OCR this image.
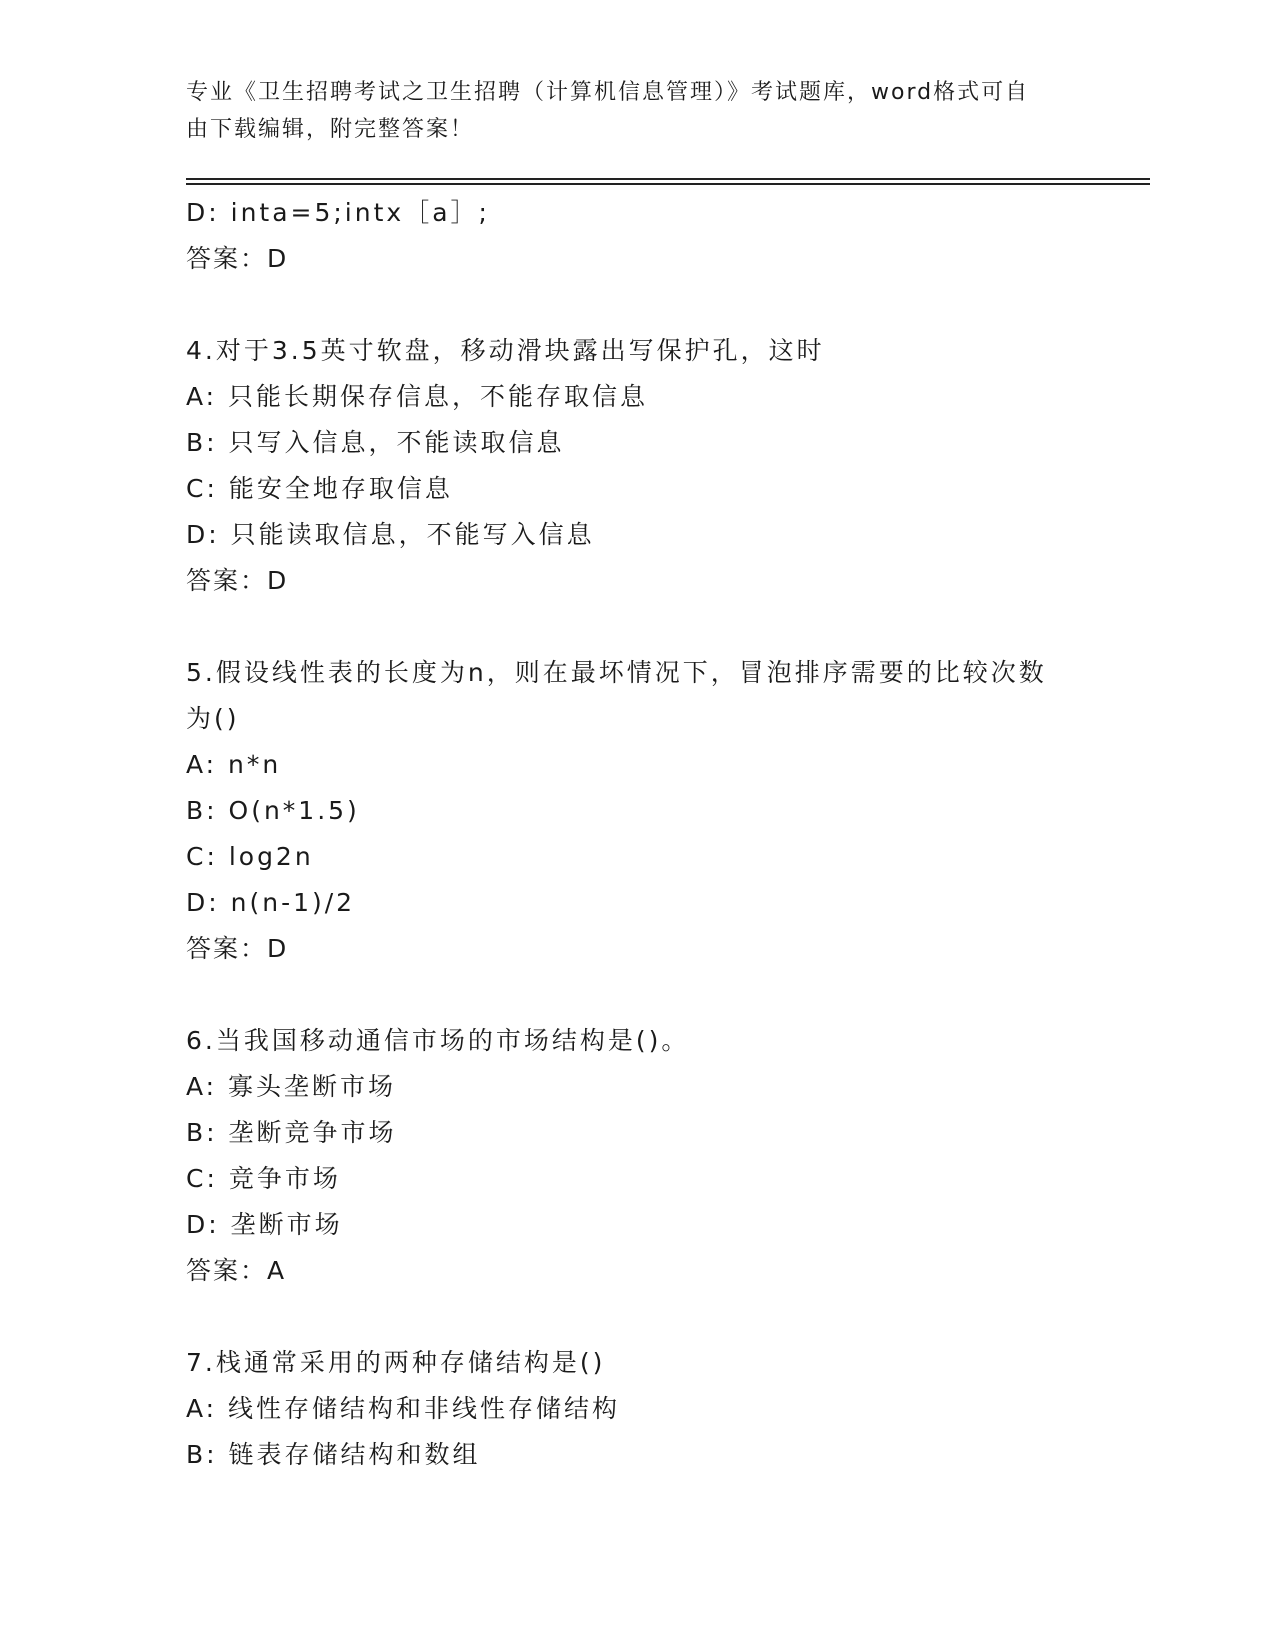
专业《卫生招聘考试之卫生招聘（计算机信息管理）》考试题库，word格式可自
由下载编辑，附完整答案！

D: inta=5;intx［a］;

答案：D

4.对于3.5英寸软盘，移动滑块露出写保护孔，这时

A: 只能长期保存信息，不能存取信息

B: 只写入信息，不能读取信息

C: 能安全地存取信息

D: 只能读取信息，不能写入信息

答案：D

5.假设线性表的长度为n，则在最坏情况下，冒泡排序需要的比较次数

为()

A: n*n

B: O(n*1.5)

C: log2n

D: n(n-1)/2

答案：D

6.当我国移动通信市场的市场结构是()。

A: 寡头垄断市场

B: 垄断竞争市场

C: 竞争市场

D: 垄断市场

答案：A

7.栈通常采用的两种存储结构是()

A: 线性存储结构和非线性存储结构

B: 链表存储结构和数组
